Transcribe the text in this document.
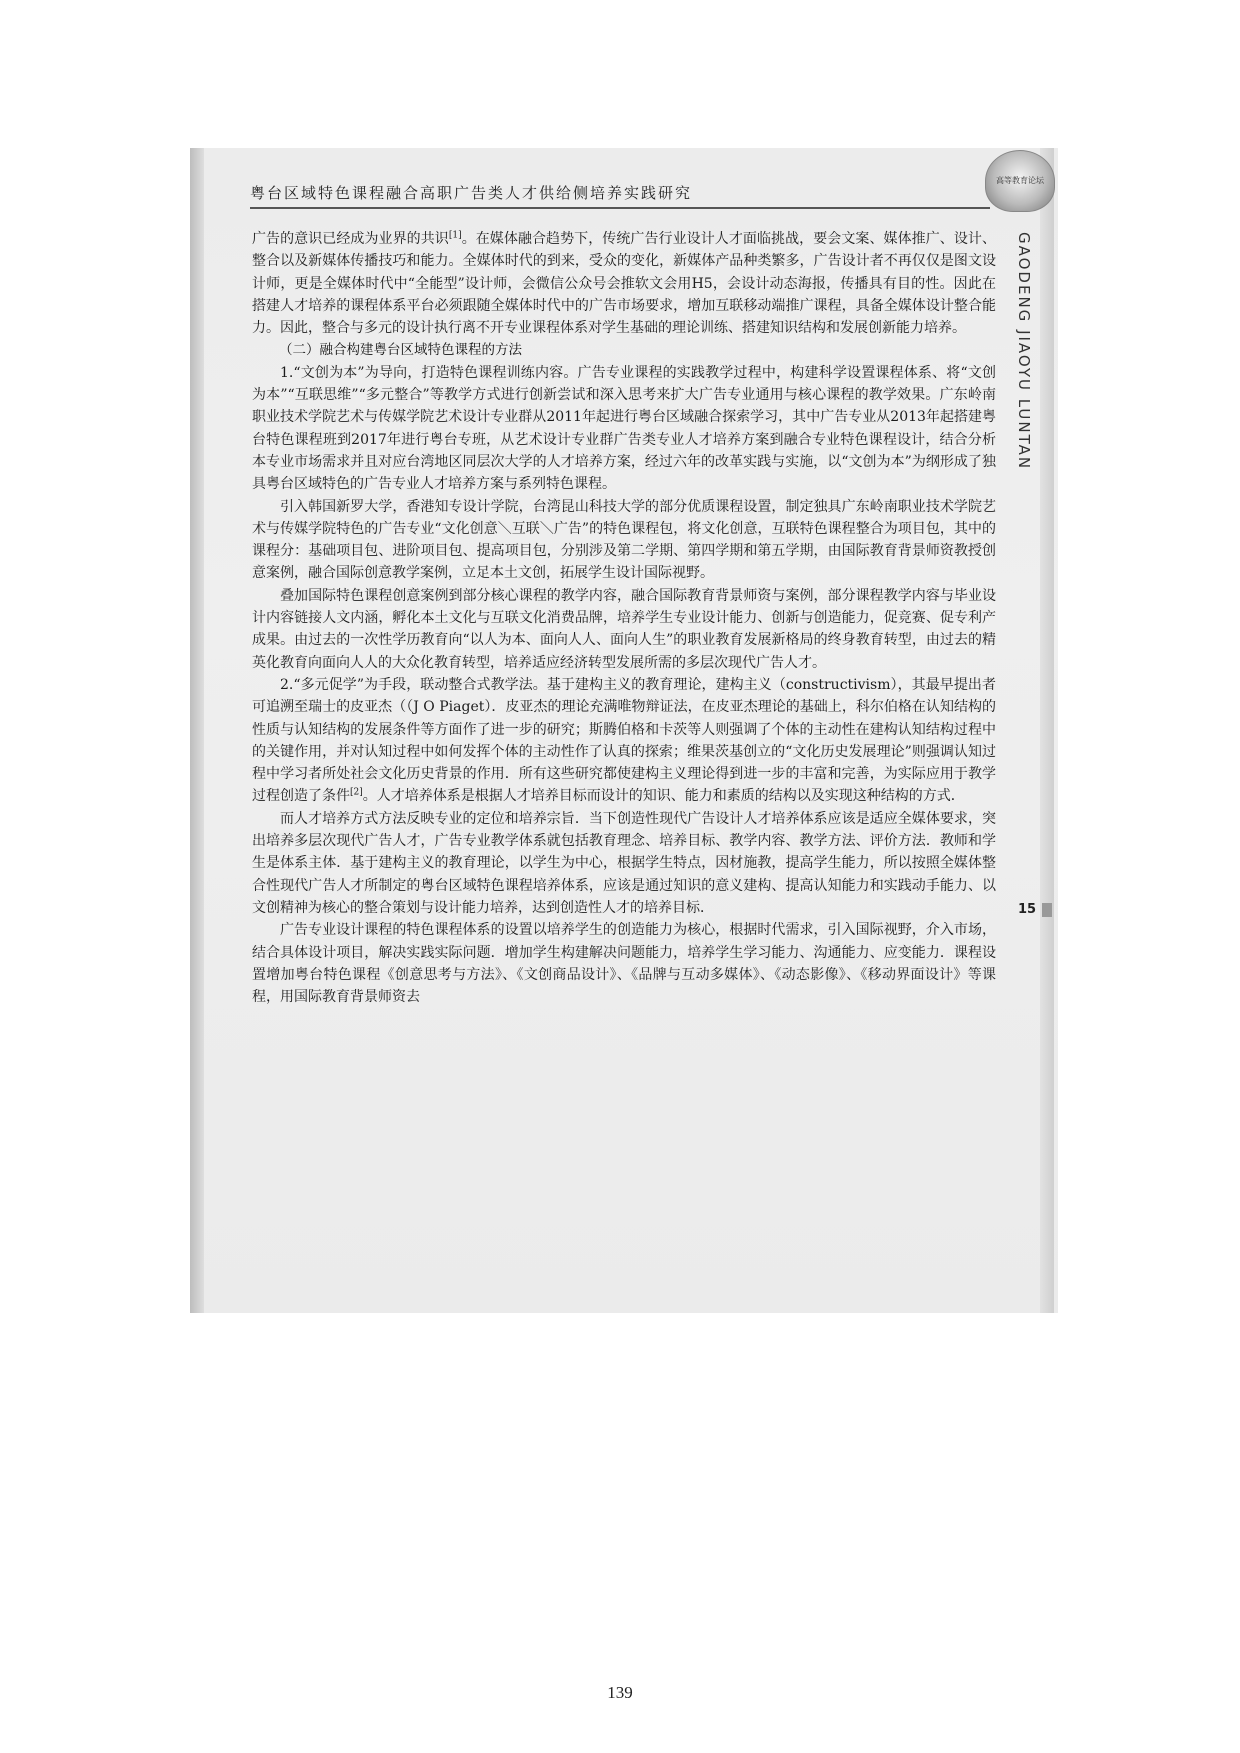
粤台区域特色课程融合高职广告类人才供给侧培养实践研究
高等教育论坛
GAODENG JIAOYU LUNTAN
15

广告的意识已经成为业界的共识[1]。在媒体融合趋势下，传统广告行业设计人才面临挑战，要会文案、媒体推广、设计、整合以及新媒体传播技巧和能力。全媒体时代的到来，受众的变化，新媒体产品种类繁多，广告设计者不再仅仅是图文设计师，更是全媒体时代中“全能型”设计师，会微信公众号会推软文会用H5，会设计动态海报，传播具有目的性。因此在搭建人才培养的课程体系平台必须跟随全媒体时代中的广告市场要求，增加互联移动端推广课程，具备全媒体设计整合能力。因此，整合与多元的设计执行离不开专业课程体系对学生基础的理论训练、搭建知识结构和发展创新能力培养。

（二）融合构建粤台区域特色课程的方法

1.“文创为本”为导向，打造特色课程训练内容。广告专业课程的实践教学过程中，构建科学设置课程体系、将“文创为本”“互联思维”“多元整合”等教学方式进行创新尝试和深入思考来扩大广告专业通用与核心课程的教学效果。广东岭南职业技术学院艺术与传媒学院艺术设计专业群从2011年起进行粤台区域融合探索学习，其中广告专业从2013年起搭建粤台特色课程班到2017年进行粤台专班，从艺术设计专业群广告类专业人才培养方案到融合专业特色课程设计，结合分析本专业市场需求并且对应台湾地区同层次大学的人才培养方案，经过六年的改革实践与实施，以“文创为本”为纲形成了独具粤台区域特色的广告专业人才培养方案与系列特色课程。

引入韩国新罗大学，香港知专设计学院，台湾昆山科技大学的部分优质课程设置，制定独具广东岭南职业技术学院艺术与传媒学院特色的广告专业“文化创意＼互联＼广告”的特色课程包，将文化创意，互联特色课程整合为项目包，其中的课程分：基础项目包、进阶项目包、提高项目包，分别涉及第二学期、第四学期和第五学期，由国际教育背景师资教授创意案例，融合国际创意教学案例，立足本土文创，拓展学生设计国际视野。

叠加国际特色课程创意案例到部分核心课程的教学内容，融合国际教育背景师资与案例，部分课程教学内容与毕业设计内容链接人文内涵，孵化本土文化与互联文化消费品牌，培养学生专业设计能力、创新与创造能力，促竞赛、促专利产成果。由过去的一次性学历教育向“以人为本、面向人人、面向人生”的职业教育发展新格局的终身教育转型，由过去的精英化教育向面向人人的大众化教育转型，培养适应经济转型发展所需的多层次现代广告人才。

2.“多元促学”为手段，联动整合式教学法。基于建构主义的教育理论，建构主义（constructivism），其最早提出者可追溯至瑞士的皮亚杰（（J O Piaget）．皮亚杰的理论充满唯物辩证法，在皮亚杰理论的基础上，科尔伯格在认知结构的性质与认知结构的发展条件等方面作了进一步的研究；斯腾伯格和卡茨等人则强调了个体的主动性在建构认知结构过程中的关键作用，并对认知过程中如何发挥个体的主动性作了认真的探索；维果茨基创立的“文化历史发展理论”则强调认知过程中学习者所处社会文化历史背景的作用．所有这些研究都使建构主义理论得到进一步的丰富和完善，为实际应用于教学过程创造了条件[2]。人才培养体系是根据人才培养目标而设计的知识、能力和素质的结构以及实现这种结构的方式．

而人才培养方式方法反映专业的定位和培养宗旨．当下创造性现代广告设计人才培养体系应该是适应全媒体要求，突出培养多层次现代广告人才，广告专业教学体系就包括教育理念、培养目标、教学内容、教学方法、评价方法．教师和学生是体系主体．基于建构主义的教育理论，以学生为中心，根据学生特点，因材施教，提高学生能力，所以按照全媒体整合性现代广告人才所制定的粤台区域特色课程培养体系，应该是通过知识的意义建构、提高认知能力和实践动手能力、以文创精神为核心的整合策划与设计能力培养，达到创造性人才的培养目标．

广告专业设计课程的特色课程体系的设置以培养学生的创造能力为核心，根据时代需求，引入国际视野，介入市场，结合具体设计项目，解决实践实际问题．增加学生构建解决问题能力，培养学生学习能力、沟通能力、应变能力．课程设置增加粤台特色课程《创意思考与方法》、《文创商品设计》、《品牌与互动多媒体》、《动态影像》、《移动界面设计》等课程，用国际教育背景师资去

139
